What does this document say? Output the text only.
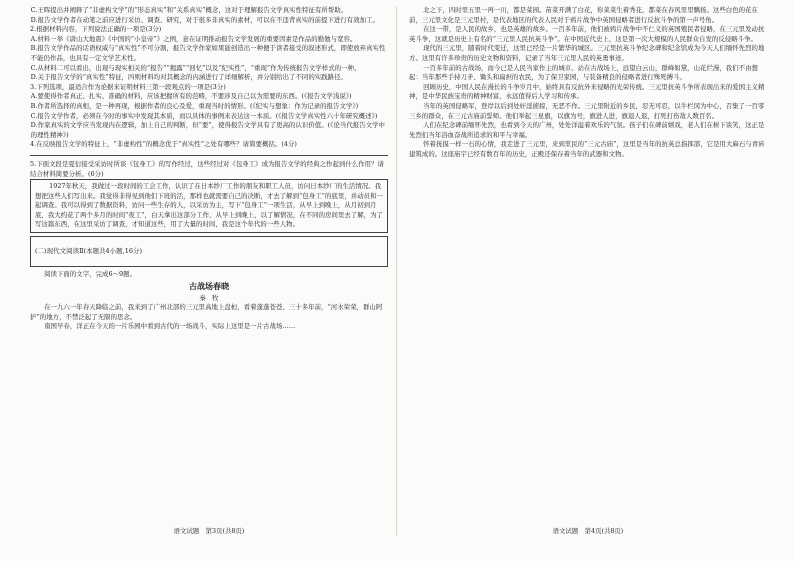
C.王晖提出并阐释了“非虚构文学”的“形态真实”和“关系真实”概念，这对于理解报告文学真实性特征有所帮助。

D.报告文学作者在动笔之前应进行采访、调查、研究，对于很多非真实的素材，可以在不违背真实的前提下进行有效加工。

2.根据材料内容，下列说法正确的一项是(3分)

A.材料一举《唐山大地震》《中国的“小皇帝”》之例，意在证明推动报告文学发展的重要因素是作品的勤勉与宽容。

B.报告文学作品的话语权威与“真实性”不可分割，报告文学作家如果能创造出一种便于读者接受的叙述形式，即使放弃真实性不能仍作品，也具有一定文学艺术性。

C.从材料二可以看出，出现与现实相关的“报告”“揭露”“回忆”以及“纪实性”，“重现”作为传统报告文学样式的一种。

D.关于报告文学的“真实性”特征，四则材料均对其概念的内涵进行了详细解析，并分别给出了不同的实践路径。

3.下列选项，最适合作为论据来证明材料三第一段观点的一项是(3分)

A.要使得作者真正、扎实、准确的材料，应该把握所有的范畴，不要涉及自己以为需要的东西。(《报告文学浅说》)

B.作者所选择的真相，是一种再现，根据作者的良心及爱，重现当时的情形。(《纪实与想象：作为记录的报告文学》)

C.报告文学作者，必须在今时的事实中发现其本质，而以具体的事例来表达这一本质。(《报告文学真实性六十年研究概述》)

D.作家真实的文学应当发现内在逻辑，加上自己的判断，但“要”，使得报告文学具有了更高的认识价值。(《论当代报告文学中的理性精神》)

4.在反映报告文学的特征上，“非虚构性”的概念优于“真实性”之处有哪些？请简要概括。(4分)

5.下面文段是夏衍接受采访时所谈《包身工》的写作经过，这些经过对《包身工》成为报告文学的经典之作起到什么作用？请结合材料简要分析。(6分)

1927年秋天，我做过一段时间的工会工作，认识了在日本纱厂工作的朋友和职工人员，访问日本纱厂的生活情况。我想把这些人们写出来。我觉得非得见到他们下班的活，那样也就需要自己的决断，才去了解到“包身工”的底里，并动员和一起调查。我可以得到了数据资料，访问一些生存的人，以采访为主，写下“包身工”一项生活，从早上到晚上，从月初到月底，我大约花了两个多月的时间“夜工”，白天拿出这部分工作，从早上到晚上，以了解情况，在不同的房间里去了解，为了写这篇东西，在这里采访了调查，才知道这些，用了大量的时间，我是这个年代的一些人物。

(二)现代文阅读Ⅱ(本题共4小题,16分)

阅读下面的文字，完成6～9题。

古战场春晓
秦　牧

在一九六一年春天降临之前，我来到了广州北部的三元里高地上盘桓，看着蓬蓬苍苍、三十多年前，“河水荣荣，群山阿护”的地方，不禁泛起了无限的思念。

南国早春，洋正在今天的一片乐园中看到古代的一场战斗，实际上这里是一片古战场……

语文试题　第3页(共8页)

北之下，四时里五里一再一川，都是菜园。苗菜开满了白花，你菜菜生着秀花，都菜在春风里里飘扬。这些白色的花在前，三元里文化是三元里村，是代表地区的代表人民对于鸦片战争中英国侵略者进行反抗斗争的第一声号角。

在这一带，是人民的故乡，也是英雄的故乡。一百多年前，他们被鸦片战争中不仁义的英国殖民者侵略，在三元里发动抗英斗争，这就是历史上有名的“三元里人民抗英斗争”。在中国近代史上，这是第一次大规模的人民群众自发的反侵略斗争。

现代的三元里，随着时代变迁，这里已经是一片繁华的城区。三元里抗英斗争纪念碑和纪念馆成为今天人们缅怀先烈的地方。这里有许多珍贵的历史文物和资料，记录了当年三元里人民的英勇事迹。

一百多年前的古战场，而今已是人民当家作主的城市。站在古战场上，远望白云山，群峰如黛，山花烂漫，我们不由想起：当年那些手持刀矛、锄头和扁担的农民，为了保卫家园，与装备精良的侵略者进行殊死搏斗。

回顾历史，中国人民在漫长的斗争岁月中，始终具有反抗外来侵略的光荣传统。三元里抗英斗争所表现出来的爱国主义精神，是中华民族宝贵的精神财富，永远值得后人学习和传承。

当年的英国侵略军，登岸以后到处奸淫掳掠，无恶不作。三元里附近的乡民，忍无可忍，以牛栏冈为中心，召集了一百零三乡的群众，在三元古庙前誓师。他们举起三星旗，以旗为号，旗进人进，旗退人退，打死打伤敌人数百名。

人们在纪念碑前缅怀先烈，也看到今天的广州，处处洋溢着欢乐的气氛。孩子们在碑前嬉戏，老人们在树下谈笑，这正是先烈们当年浴血奋战所追求的和平与幸福。

怀着抚摸一样一石的心情，我走进了三元里，来到里民的“三元古庙”，这里是当年的抗英总指挥部，它是用大麻石与青砖建筑成的。这座庙宇已经有数百年的历史，正殿还保存着当年的武器和文物。

语文试题　第4页(共8页)
